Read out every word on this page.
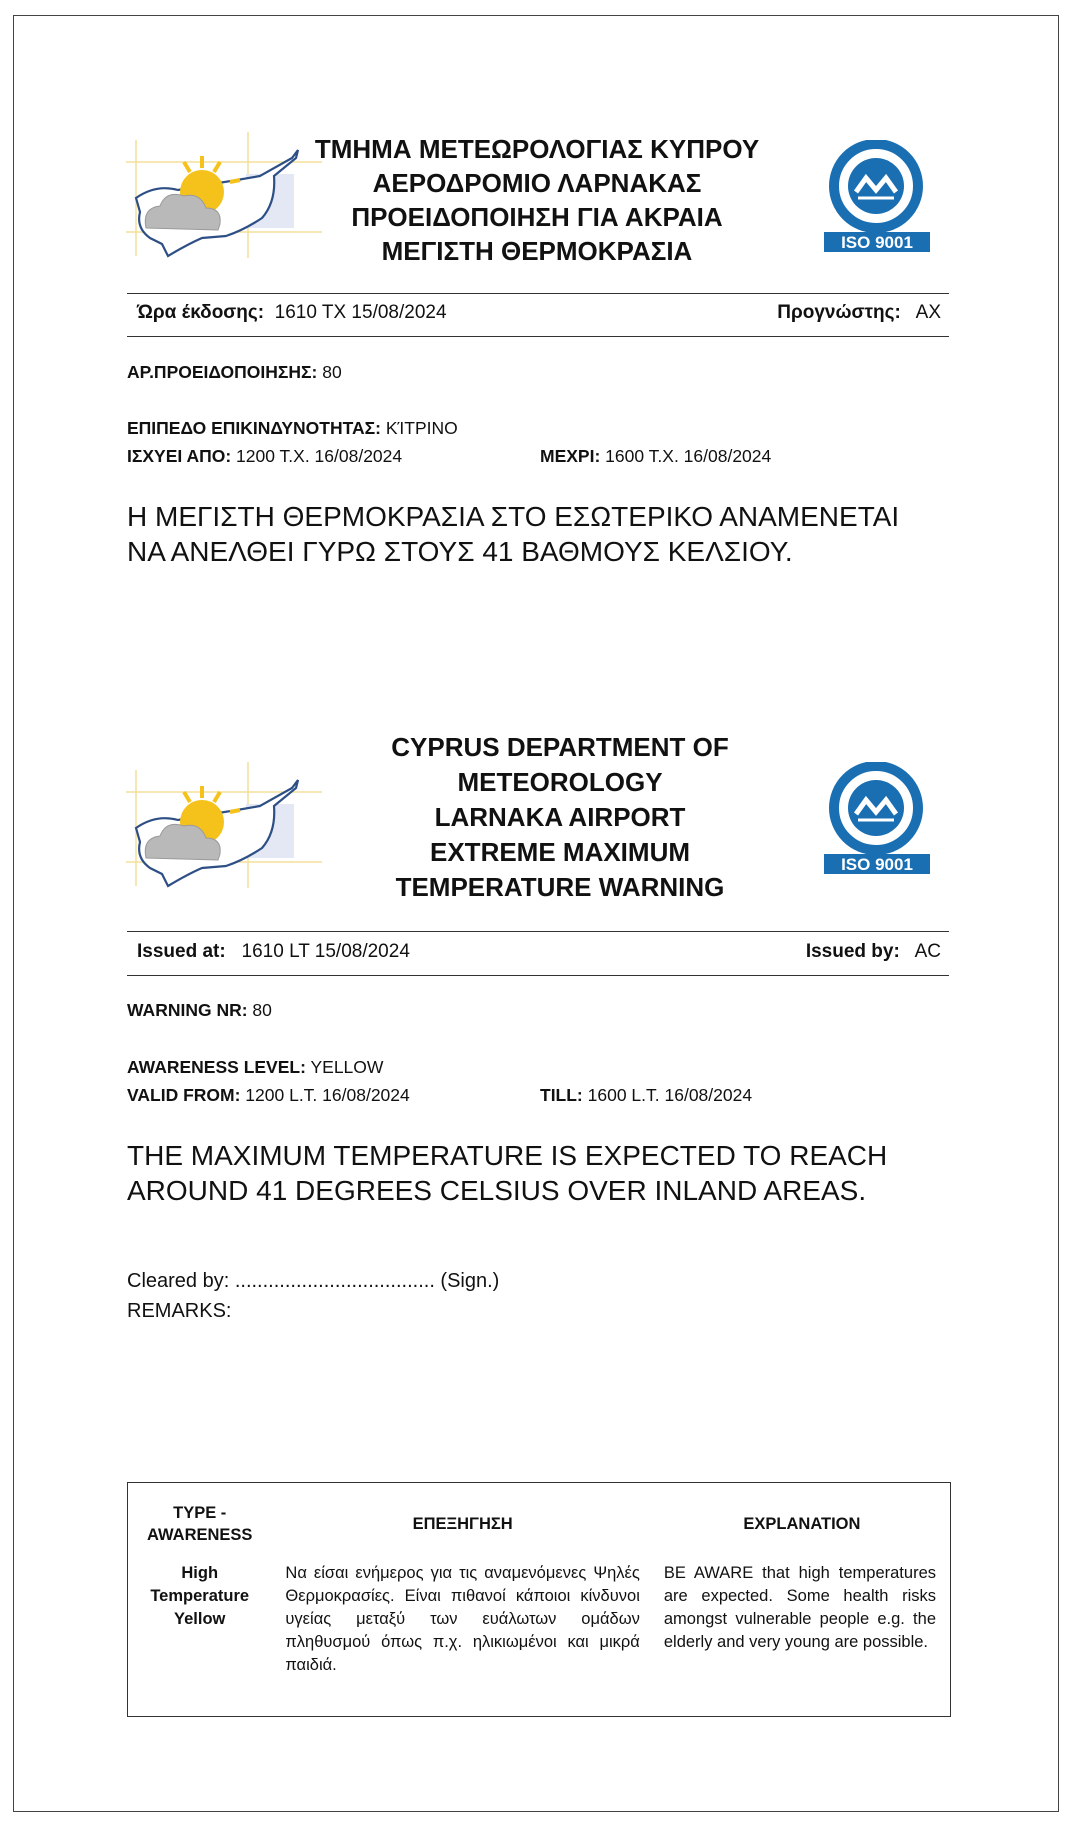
ΤΜΗΜΑ ΜΕΤΕΩΡΟΛΟΓΙΑΣ ΚΥΠΡΟΥ
ΑΕΡΟΔΡΟΜΙΟ ΛΑΡΝΑΚΑΣ
ΠΡΟΕΙΔΟΠΟΙΗΣΗ ΓΙΑ ΑΚΡΑΙΑ
ΜΕΓΙΣΤΗ ΘΕΡΜΟΚΡΑΣΙΑ	ISO 9001
Ώρα έκδοσης: 1610 ΤΧ 15/08/2024	Προγνώστης: ΑΧ
ΑΡ.ΠΡΟΕΙΔΟΠΟΙΗΣΗΣ: 80
ΕΠΙΠΕΔΟ ΕΠΙΚΙΝΔΥΝΟΤΗΤΑΣ: ΚΊΤΡΙΝΟ
ΙΣΧΥΕΙ ΑΠΟ: 1200 Τ.Χ. 16/08/2024	ΜΕΧΡΙ: 1600 Τ.Χ. 16/08/2024
Η ΜΕΓΙΣΤΗ ΘΕΡΜΟΚΡΑΣΙΑ ΣΤΟ ΕΣΩΤΕΡΙΚΟ ΑΝΑΜΕΝΕΤΑΙ
ΝΑ ΑΝΕΛΘΕΙ ΓΥΡΩ ΣΤΟΥΣ 41 ΒΑΘΜΟΥΣ ΚΕΛΣΙΟΥ.
CYPRUS DEPARTMENT OF
METEOROLOGY
LARNAKA AIRPORT
EXTREME MAXIMUM
TEMPERATURE WARNING
ISO 9001
Issued at: 1610 LT 15/08/2024	Issued by: AC
WARNING NR: 80
AWARENESS LEVEL: YELLOW
VALID FROM: 1200 L.T. 16/08/2024	TILL: 1600 L.T. 16/08/2024
THE MAXIMUM TEMPERATURE IS EXPECTED TO REACH
AROUND 41 DEGREES CELSIUS OVER INLAND AREAS.
Cleared by: .................................... (Sign.)
REMARKS:
TYPE -
AWARENESS	ΕΠΕΞΗΓΗΣΗ	EXPLANATION

High
Temperature
Yellow	Να είσαι ενήμερος για τις αναμενόμενες Ψηλές Θερμοκρασίες. Είναι πιθανοί κάποιοι κίνδυνοι υγείας μεταξύ των ευάλωτων ομάδων πληθυσμού όπως π.χ. ηλικιωμένοι και μικρά παιδιά.	BE AWARE that high temperatures are expected. Some health risks amongst vulnerable people e.g. the elderly and very young are possible.
